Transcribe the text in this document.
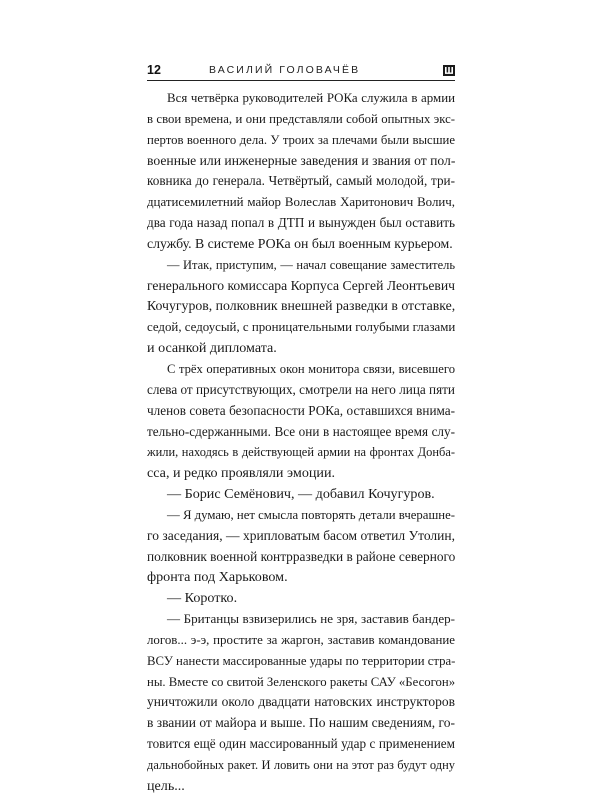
12	ВАСИЛИЙ ГОЛОВАЧЁВ
Вся четвёрка руководителей РОКа служила в армии
в свои времена, и они представляли собой опытных экс-
пертов военного дела. У троих за плечами были высшие
военные или инженерные заведения и звания от пол-
ковника до генерала. Четвёртый, самый молодой, три-
дцатисемилетний майор Волеслав Харитонович Волич,
два года назад попал в ДТП и вынужден был оставить
службу. В системе РОКа он был военным курьером.
— Итак, приступим, — начал совещание заместитель
генерального комиссара Корпуса Сергей Леонтьевич
Кочугуров, полковник внешней разведки в отставке,
седой, седоусый, с проницательными голубыми глазами
и осанкой дипломата.
С трёх оперативных окон монитора связи, висевшего
слева от присутствующих, смотрели на него лица пяти
членов совета безопасности РОКа, оставшихся внима-
тельно-сдержанными. Все они в настоящее время слу-
жили, находясь в действующей армии на фронтах Донба-
сса, и редко проявляли эмоции.
— Борис Семёнович, — добавил Кочугуров.
— Я думаю, нет смысла повторять детали вчерашне-
го заседания, — хрипловатым басом ответил Утолин,
полковник военной контрразведки в районе северного
фронта под Харьковом.
— Коротко.
— Британцы взвизерились не зря, заставив бандер-
логов... э-э, простите за жаргон, заставив командование
ВСУ нанести массированные удары по территории стра-
ны. Вместе со свитой Зеленского ракеты САУ «Бесогон»
уничтожили около двадцати натовских инструкторов
в звании от майора и выше. По нашим сведениям, го-
товится ещё один массированный удар с применением
дальнобойных ракет. И ловить они на этот раз будут одну
цель...
